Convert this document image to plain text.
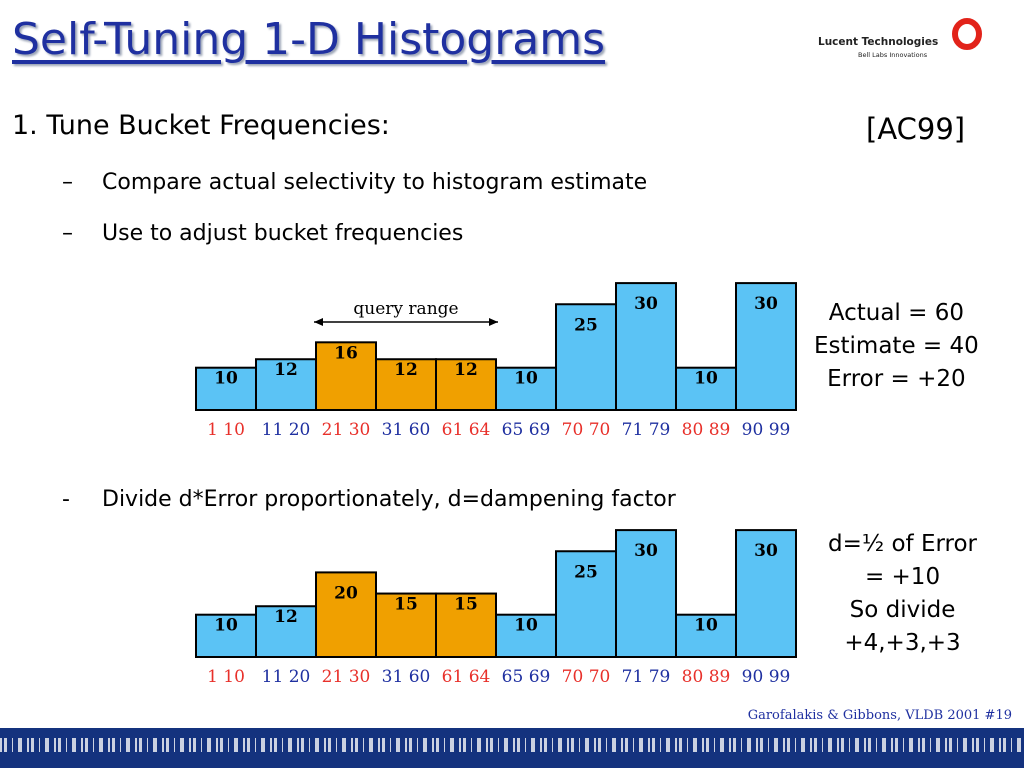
Self-Tuning 1-D Histograms	Lucent Technologies
Bell Labs Innovations
1. Tune Bucket Frequencies:	[AC99]
– Compare actual selectivity to histogram estimate
– Use to adjust bucket frequencies
10
1 10
12
11 20
16
21 30
12
31 60
12
61 64
10
65 69
25
70 70
30
71 79
10
80 89
30
90 99
query range	Actual = 60
Estimate = 40
Error = +20
- Divide d*Error proportionately, d=dampening factor
10
1 10
12
11 20
20
21 30
15
31 60
15
61 64
10
65 69
25
70 70
30
71 79
10
80 89
30
90 99
d=½ of Error
= +10
So divide
+4,+3,+3
Garofalakis & Gibbons, VLDB 2001 #19
